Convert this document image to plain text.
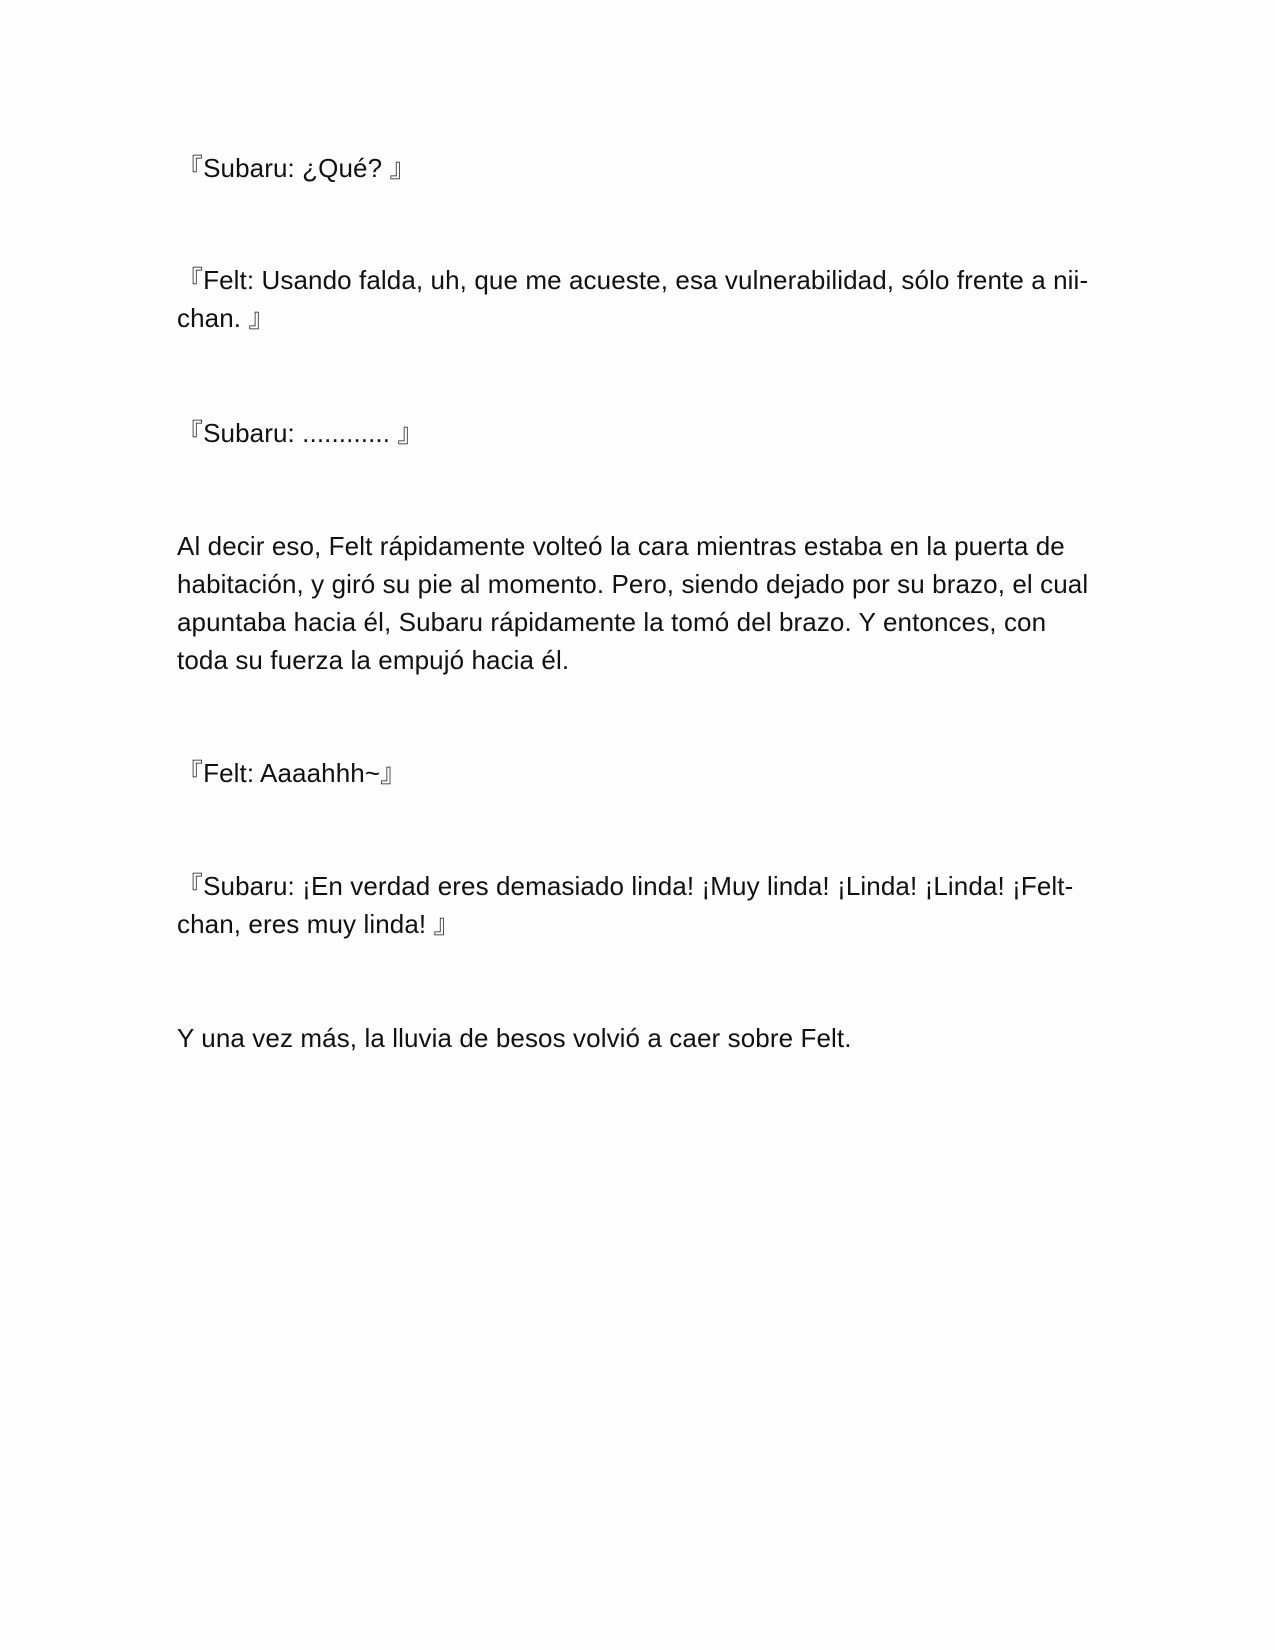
『Subaru: ¿Qué? 』
『Felt: Usando falda, uh, que me acueste, esa vulnerabilidad, sólo frente a nii-chan. 』
『Subaru: ............ 』
Al decir eso, Felt rápidamente volteó la cara mientras estaba en la puerta de habitación, y giró su pie al momento. Pero, siendo dejado por su brazo, el cual apuntaba hacia él, Subaru rápidamente la tomó del brazo. Y entonces, con toda su fuerza la empujó hacia él.
『Felt: Aaaahhh~』
『Subaru: ¡En verdad eres demasiado linda! ¡Muy linda! ¡Linda! ¡Linda! ¡Felt-chan, eres muy linda! 』
Y una vez más, la lluvia de besos volvió a caer sobre Felt.
